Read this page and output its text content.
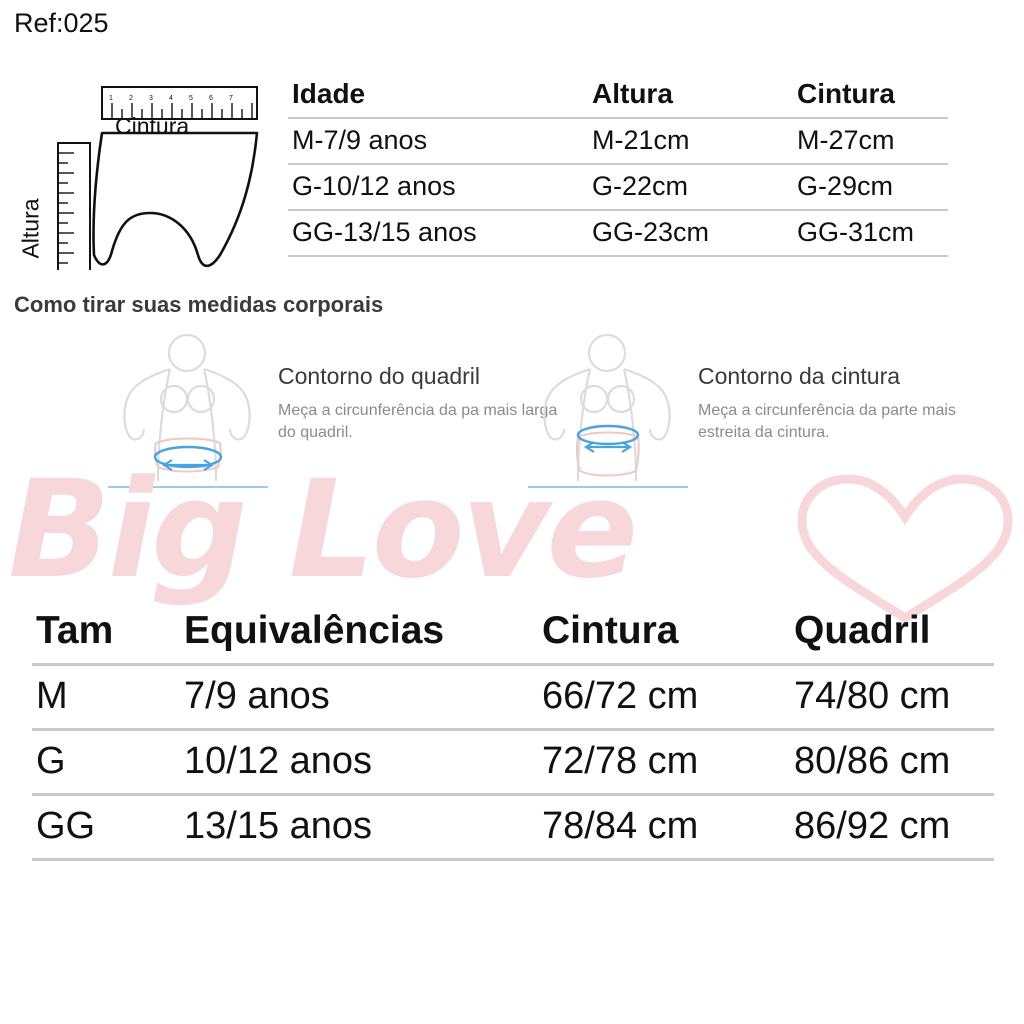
Ref:025
Cintura
Altura
1 2 3 4 5 6 7 Idade	Altura	Cintura
M-7/9 anos	M-21cm	M-27cm
G-10/12 anos	G-22cm	G-29cm
GG-13/15 anos	GG-23cm	GG-31cm
Como tirar suas medidas corporais
Contorno do quadril
Meça a circunferência da pa mais larga do quadril.
Contorno da cintura
Meça a circunferência da parte mais estreita da cintura.
Big Love
Tam	Equivalências	Cintura	Quadril
M	7/9 anos	66/72 cm	74/80 cm
G	10/12 anos	72/78 cm	80/86 cm
GG	13/15 anos	78/84 cm	86/92 cm
